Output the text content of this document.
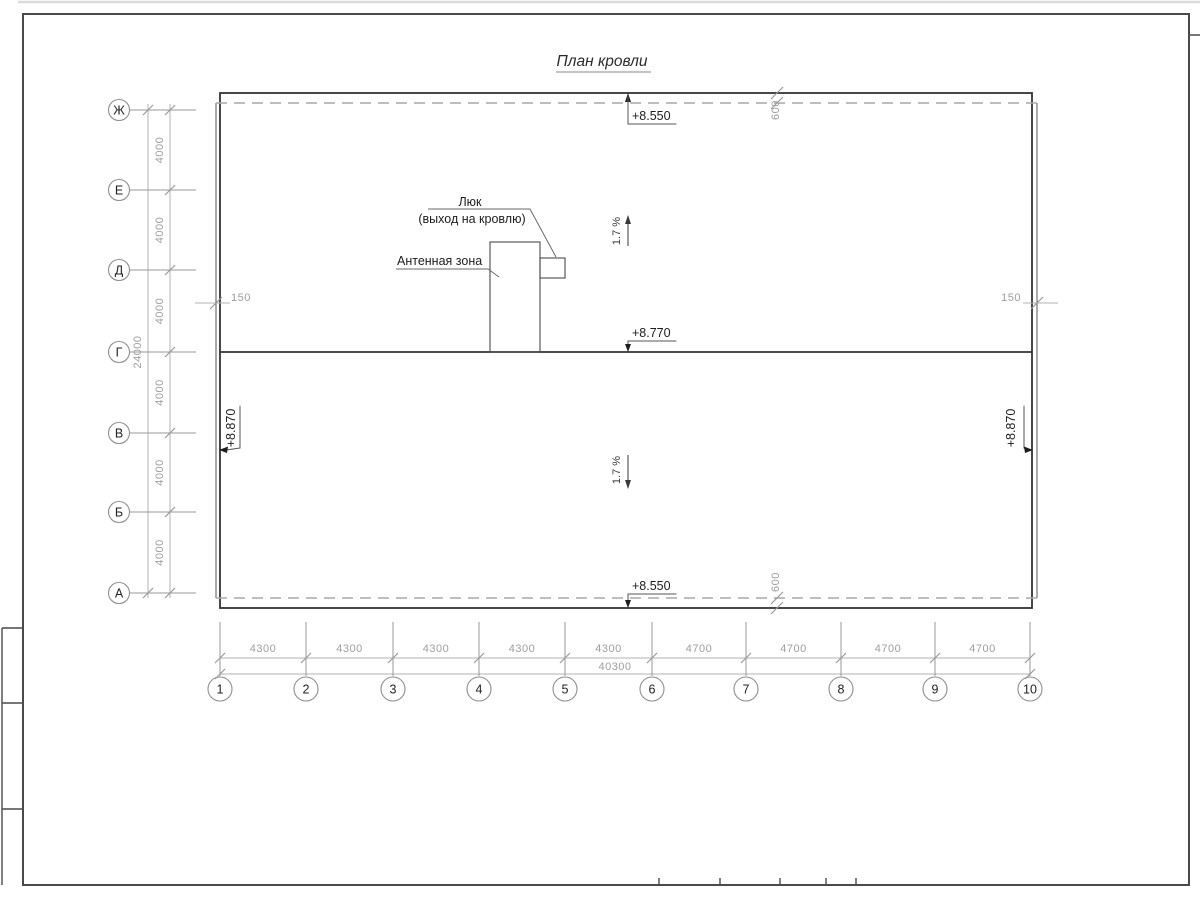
План кровли
Люк
(выход на кровлю)
Антенная зона
+8.550
+8.770
+8.550
+8.870	+8.870
1.7 %
1.7 %
600
600
150	150
Ж
Е
4000
Д
4000
Г
4000
В
4000
Б
4000
А
4000
24000
1	2
4300
3
4300
4
4300
5
4300
6
4300
7
4700
8
4700
9
4700
10
4700
40300
